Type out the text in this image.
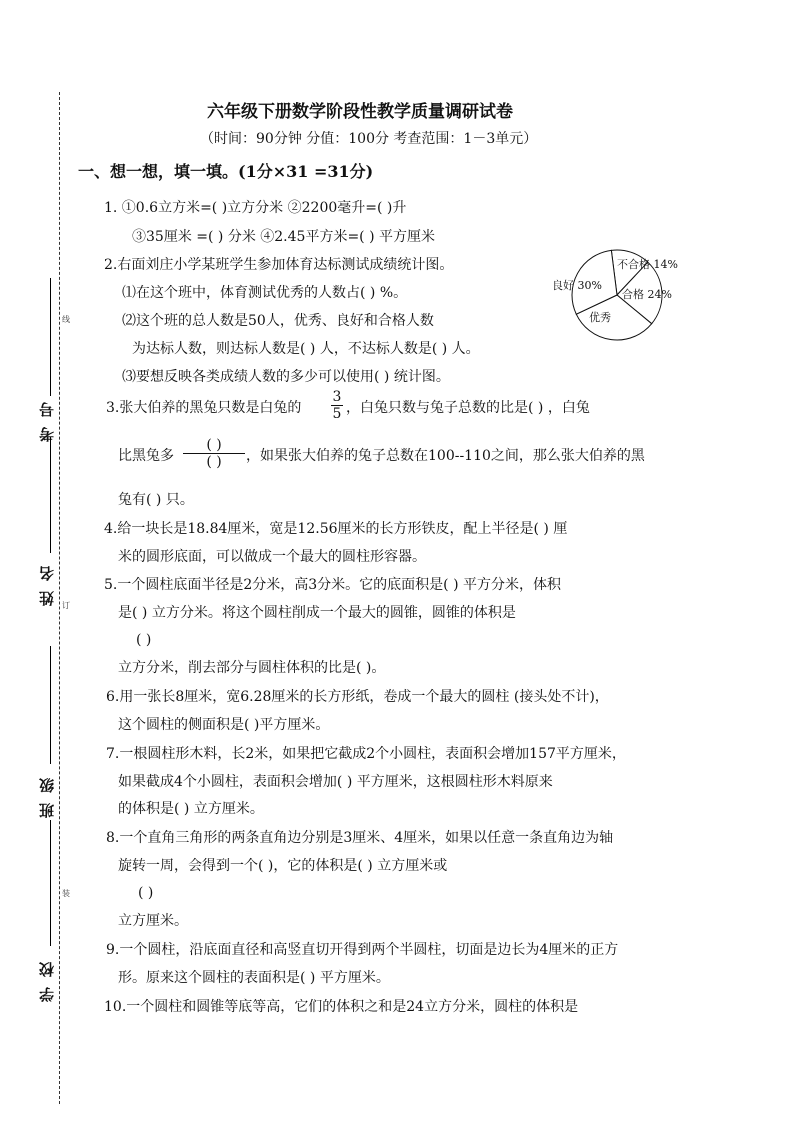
考号
线
姓名 订
班级
装
学校
六年级下册数学阶段性教学质量调研试卷
（时间：90分钟 分值：100分 考查范围：1－3单元）
一、想一想，填一填。(1分×31 =31分)
1. ①0.6立方米=( )立方分米 ②2200毫升=( )升
③35厘米 =( ) 分米 ④2.45平方米=( ) 平方厘米
2.右面刘庄小学某班学生参加体育达标测试成绩统计图。
⑴在这个班中，体育测试优秀的人数占( ) %。
⑵这个班的总人数是50人，优秀、良好和合格人数
为达标人数，则达标人数是( ) 人，不达标人数是( ) 人。
⑶要想反映各类成绩人数的多少可以使用( ) 统计图。
不合格 14%
合格 24%
优秀
良好 30%
3.张大伯养的黑兔只数是白兔的
3
5 ，白兔只数与兔子总数的比是( ) ，白兔
比黑兔多
( )
( )	，如果张大伯养的兔子总数在100--110之间，那么张大伯养的黑
兔有( ) 只。
4.给一块长是18.84厘米，宽是12.56厘米的长方形铁皮，配上半径是( ) 厘
米的圆形底面，可以做成一个最大的圆柱形容器。
5.一个圆柱底面半径是2分米，高3分米。它的底面积是( ) 平方分米，体积
是( ) 立方分米。将这个圆柱削成一个最大的圆锥，圆锥的体积是
( )
立方分米，削去部分与圆柱体积的比是( )。
6.用一张长8厘米，宽6.28厘米的长方形纸，卷成一个最大的圆柱 (接头处不计)，
这个圆柱的侧面积是( )平方厘米。
7.一根圆柱形木料，长2米，如果把它截成2个小圆柱，表面积会增加157平方厘米，
如果截成4个小圆柱，表面积会增加( ) 平方厘米，这根圆柱形木料原来
的体积是( ) 立方厘米。
8.一个直角三角形的两条直角边分别是3厘米、4厘米，如果以任意一条直角边为轴
旋转一周，会得到一个( )，它的体积是( ) 立方厘米或
( )
立方厘米。
9.一个圆柱，沿底面直径和高竖直切开得到两个半圆柱，切面是边长为4厘米的正方
形。原来这个圆柱的表面积是( ) 平方厘米。
10.一个圆柱和圆锥等底等高，它们的体积之和是24立方分米，圆柱的体积是
